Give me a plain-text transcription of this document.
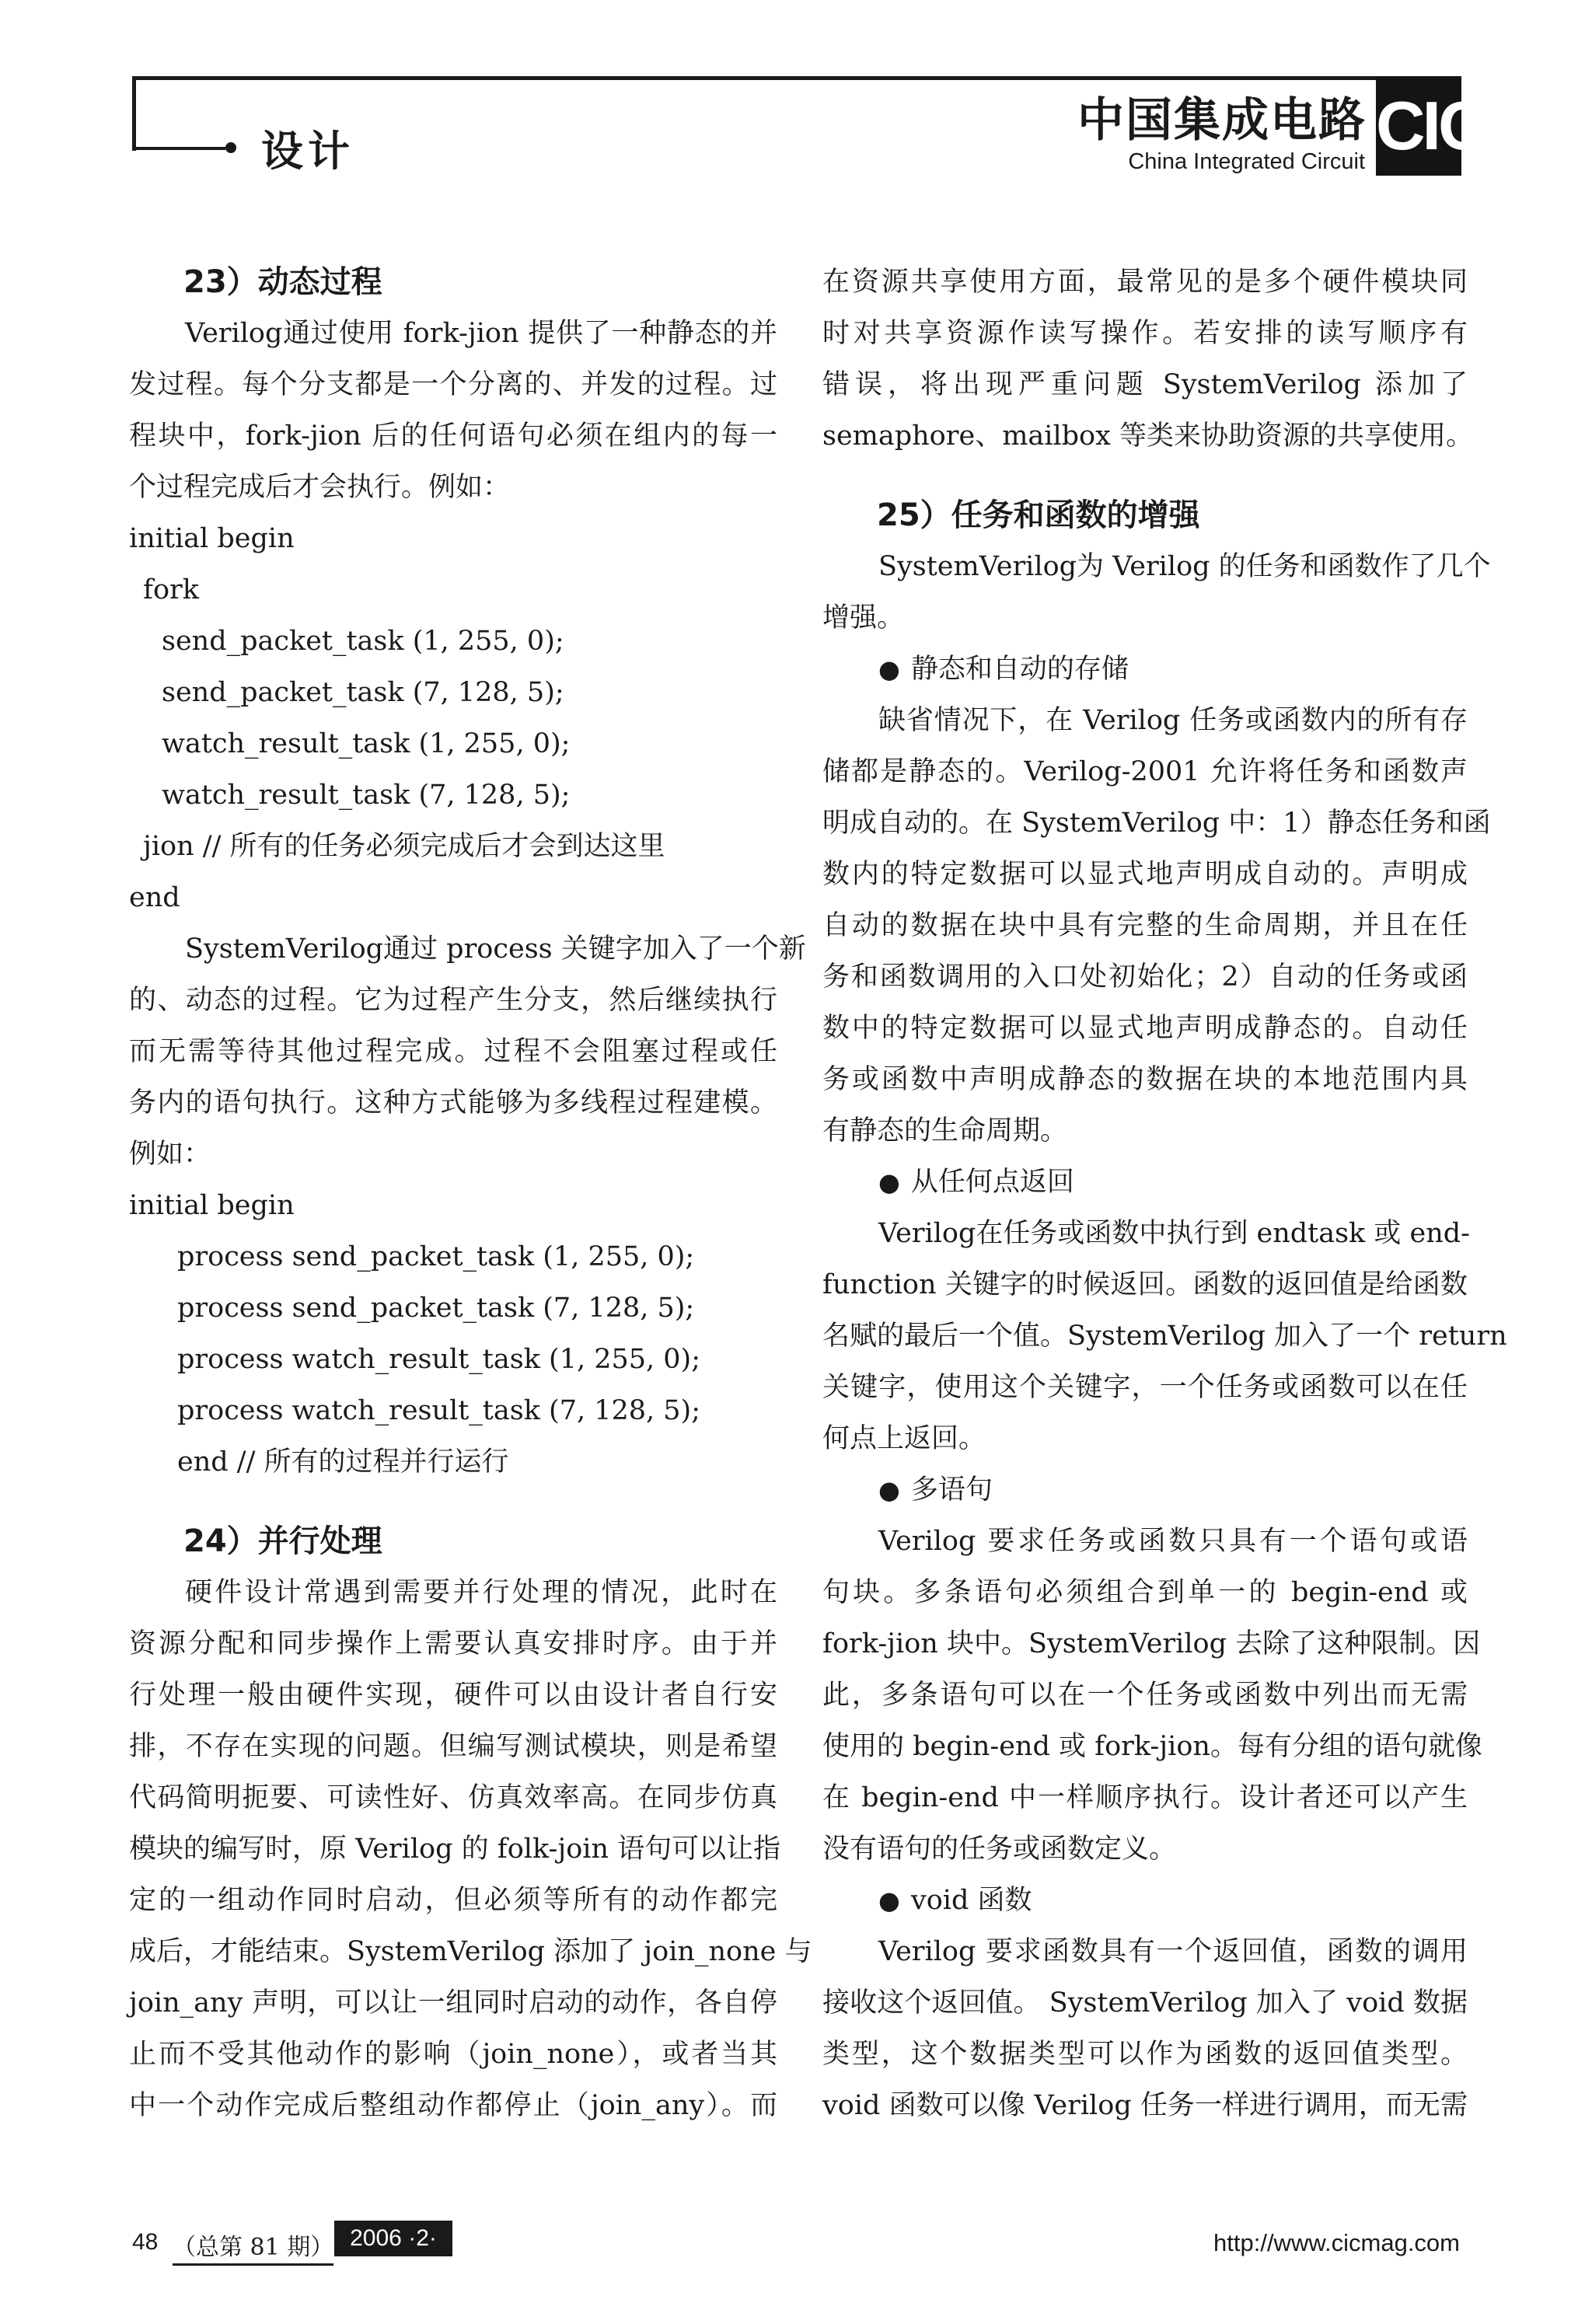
设计
中国集成电路
China Integrated Circuit CIC
23）动态过程
Verilog通过使用 fork-jion 提供了一种静态的并
发过程。每个分支都是一个分离的、并发的过程。过
程块中，fork-jion 后的任何语句必须在组内的每一
个过程完成后才会执行。例如：
initial begin
fork
send_packet_task (1, 255, 0);
send_packet_task (7, 128, 5);
watch_result_task (1, 255, 0);
watch_result_task (7, 128, 5);
jion // 所有的任务必须完成后才会到达这里
end
SystemVerilog通过 process 关键字加入了一个新
的、动态的过程。它为过程产生分支，然后继续执行
而无需等待其他过程完成。过程不会阻塞过程或任
务内的语句执行。这种方式能够为多线程过程建模。
例如：
initial begin
process send_packet_task (1, 255, 0);
process send_packet_task (7, 128, 5);
process watch_result_task (1, 255, 0);
process watch_result_task (7, 128, 5);
end // 所有的过程并行运行
24）并行处理
硬件设计常遇到需要并行处理的情况，此时在
资源分配和同步操作上需要认真安排时序。由于并
行处理一般由硬件实现，硬件可以由设计者自行安
排，不存在实现的问题。但编写测试模块，则是希望
代码简明扼要、可读性好、仿真效率高。在同步仿真
模块的编写时，原 Verilog 的 folk-join 语句可以让指
定的一组动作同时启动，但必须等所有的动作都完
成后，才能结束。SystemVerilog 添加了 join_none 与
join_any 声明，可以让一组同时启动的动作，各自停
止而不受其他动作的影响（join_none），或者当其
中一个动作完成后整组动作都停止（join_any）。而
在资源共享使用方面，最常见的是多个硬件模块同
时对共享资源作读写操作。若安排的读写顺序有
错误，将出现严重问题 SystemVerilog 添加了
semaphore、mailbox 等类来协助资源的共享使用。
25）任务和函数的增强
SystemVerilog为 Verilog 的任务和函数作了几个
增强。
● 静态和自动的存储
缺省情况下，在 Verilog 任务或函数内的所有存
储都是静态的。Verilog-2001 允许将任务和函数声
明成自动的。在 SystemVerilog 中：1）静态任务和函
数内的特定数据可以显式地声明成自动的。声明成
自动的数据在块中具有完整的生命周期，并且在任
务和函数调用的入口处初始化；2）自动的任务或函
数中的特定数据可以显式地声明成静态的。自动任
务或函数中声明成静态的数据在块的本地范围内具
有静态的生命周期。
● 从任何点返回
Verilog在任务或函数中执行到 endtask 或 end-
function 关键字的时候返回。函数的返回值是给函数
名赋的最后一个值。SystemVerilog 加入了一个 return
关键字，使用这个关键字，一个任务或函数可以在任
何点上返回。
● 多语句
Verilog 要求任务或函数只具有一个语句或语
句块。多条语句必须组合到单一的 begin-end 或
fork-jion 块中。SystemVerilog 去除了这种限制。因
此，多条语句可以在一个任务或函数中列出而无需
使用的 begin-end 或 fork-jion。每有分组的语句就像
在 begin-end 中一样顺序执行。设计者还可以产生
没有语句的任务或函数定义。
● void 函数
Verilog 要求函数具有一个返回值，函数的调用
接收这个返回值。 SystemVerilog 加入了 void 数据
类型，这个数据类型可以作为函数的返回值类型。
void 函数可以像 Verilog 任务一样进行调用，而无需
48 （总第 81 期） 2006 ·2·	http://www.cicmag.com
